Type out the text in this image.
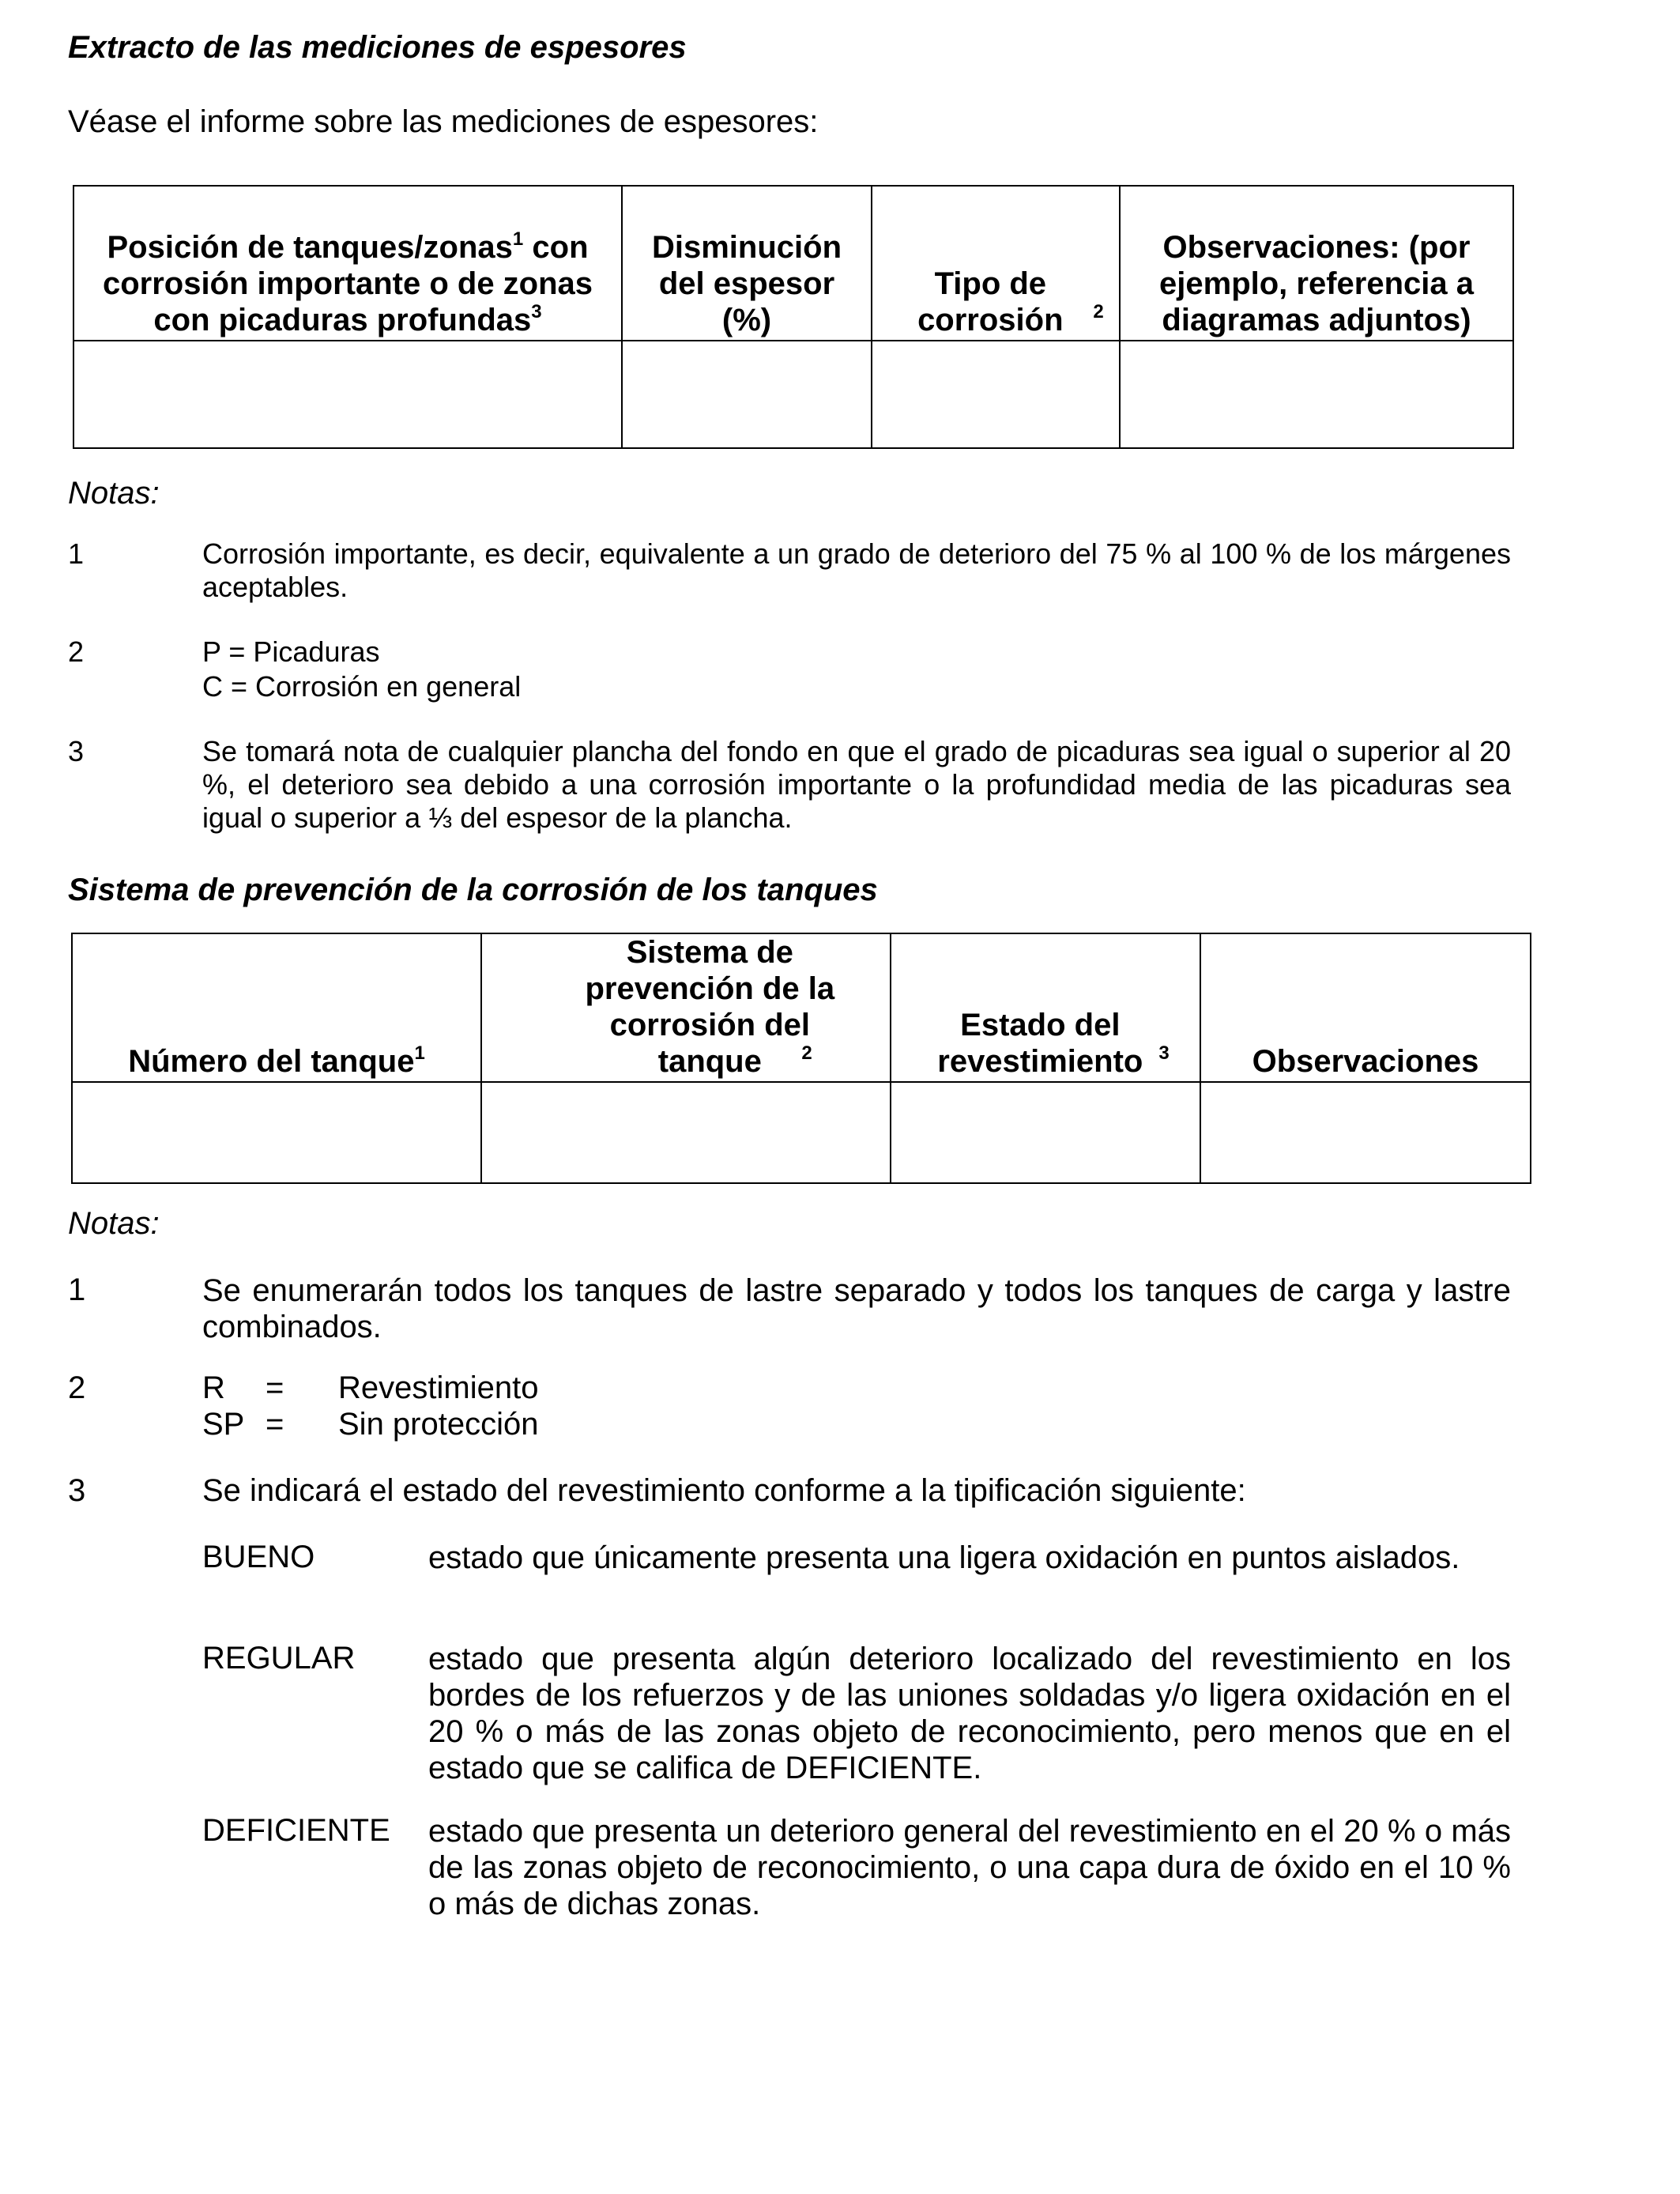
Extracto de las mediciones de espesores

Véase el informe sobre las mediciones de espesores:

Posición de tanques/zonas$^1$ con corrosión importante o de zonas con picaduras profundas$^3$	Disminución del espesor (%)	Tipo de corrosión $^2$	Observaciones: (por ejemplo, referencia a diagramas adjuntos)

Notas:

1	Corrosión importante, es decir, equivalente a un grado de deterioro del 75 % al 100 % de los márgenes aceptables.
2	P = Picaduras
C = Corrosión en general
3	Se tomará nota de cualquier plancha del fondo en que el grado de picaduras sea igual o superior al 20 %, el deterioro sea debido a una corrosión importante o la profundidad media de las picaduras sea igual o superior a ⅓ del espesor de la plancha.

Sistema de prevención de la corrosión de los tanques

Número del tanque$^1$	Sistema de prevención de la corrosión del tanque $^2$	Estado del revestimiento $^3$	Observaciones

Notas:

1	Se enumerarán todos los tanques de lastre separado y todos los tanques de carga y lastre combinados.
2	R = Revestimiento
SP = Sin protección
3	Se indicará el estado del revestimiento conforme a la tipificación siguiente:
BUENO	estado que únicamente presenta una ligera oxidación en puntos aislados.
REGULAR estado que presenta algún deterioro localizado del revestimiento en los bordes de los refuerzos y de las uniones soldadas y/o ligera oxidación en el 20 % o más de las zonas objeto de reconocimiento, pero menos que en el estado que se califica de DEFICIENTE.
DEFICIENTE estado que presenta un deterioro general del revestimiento en el 20 % o más de las zonas objeto de reconocimiento, o una capa dura de óxido en el 10 % o más de dichas zonas.
